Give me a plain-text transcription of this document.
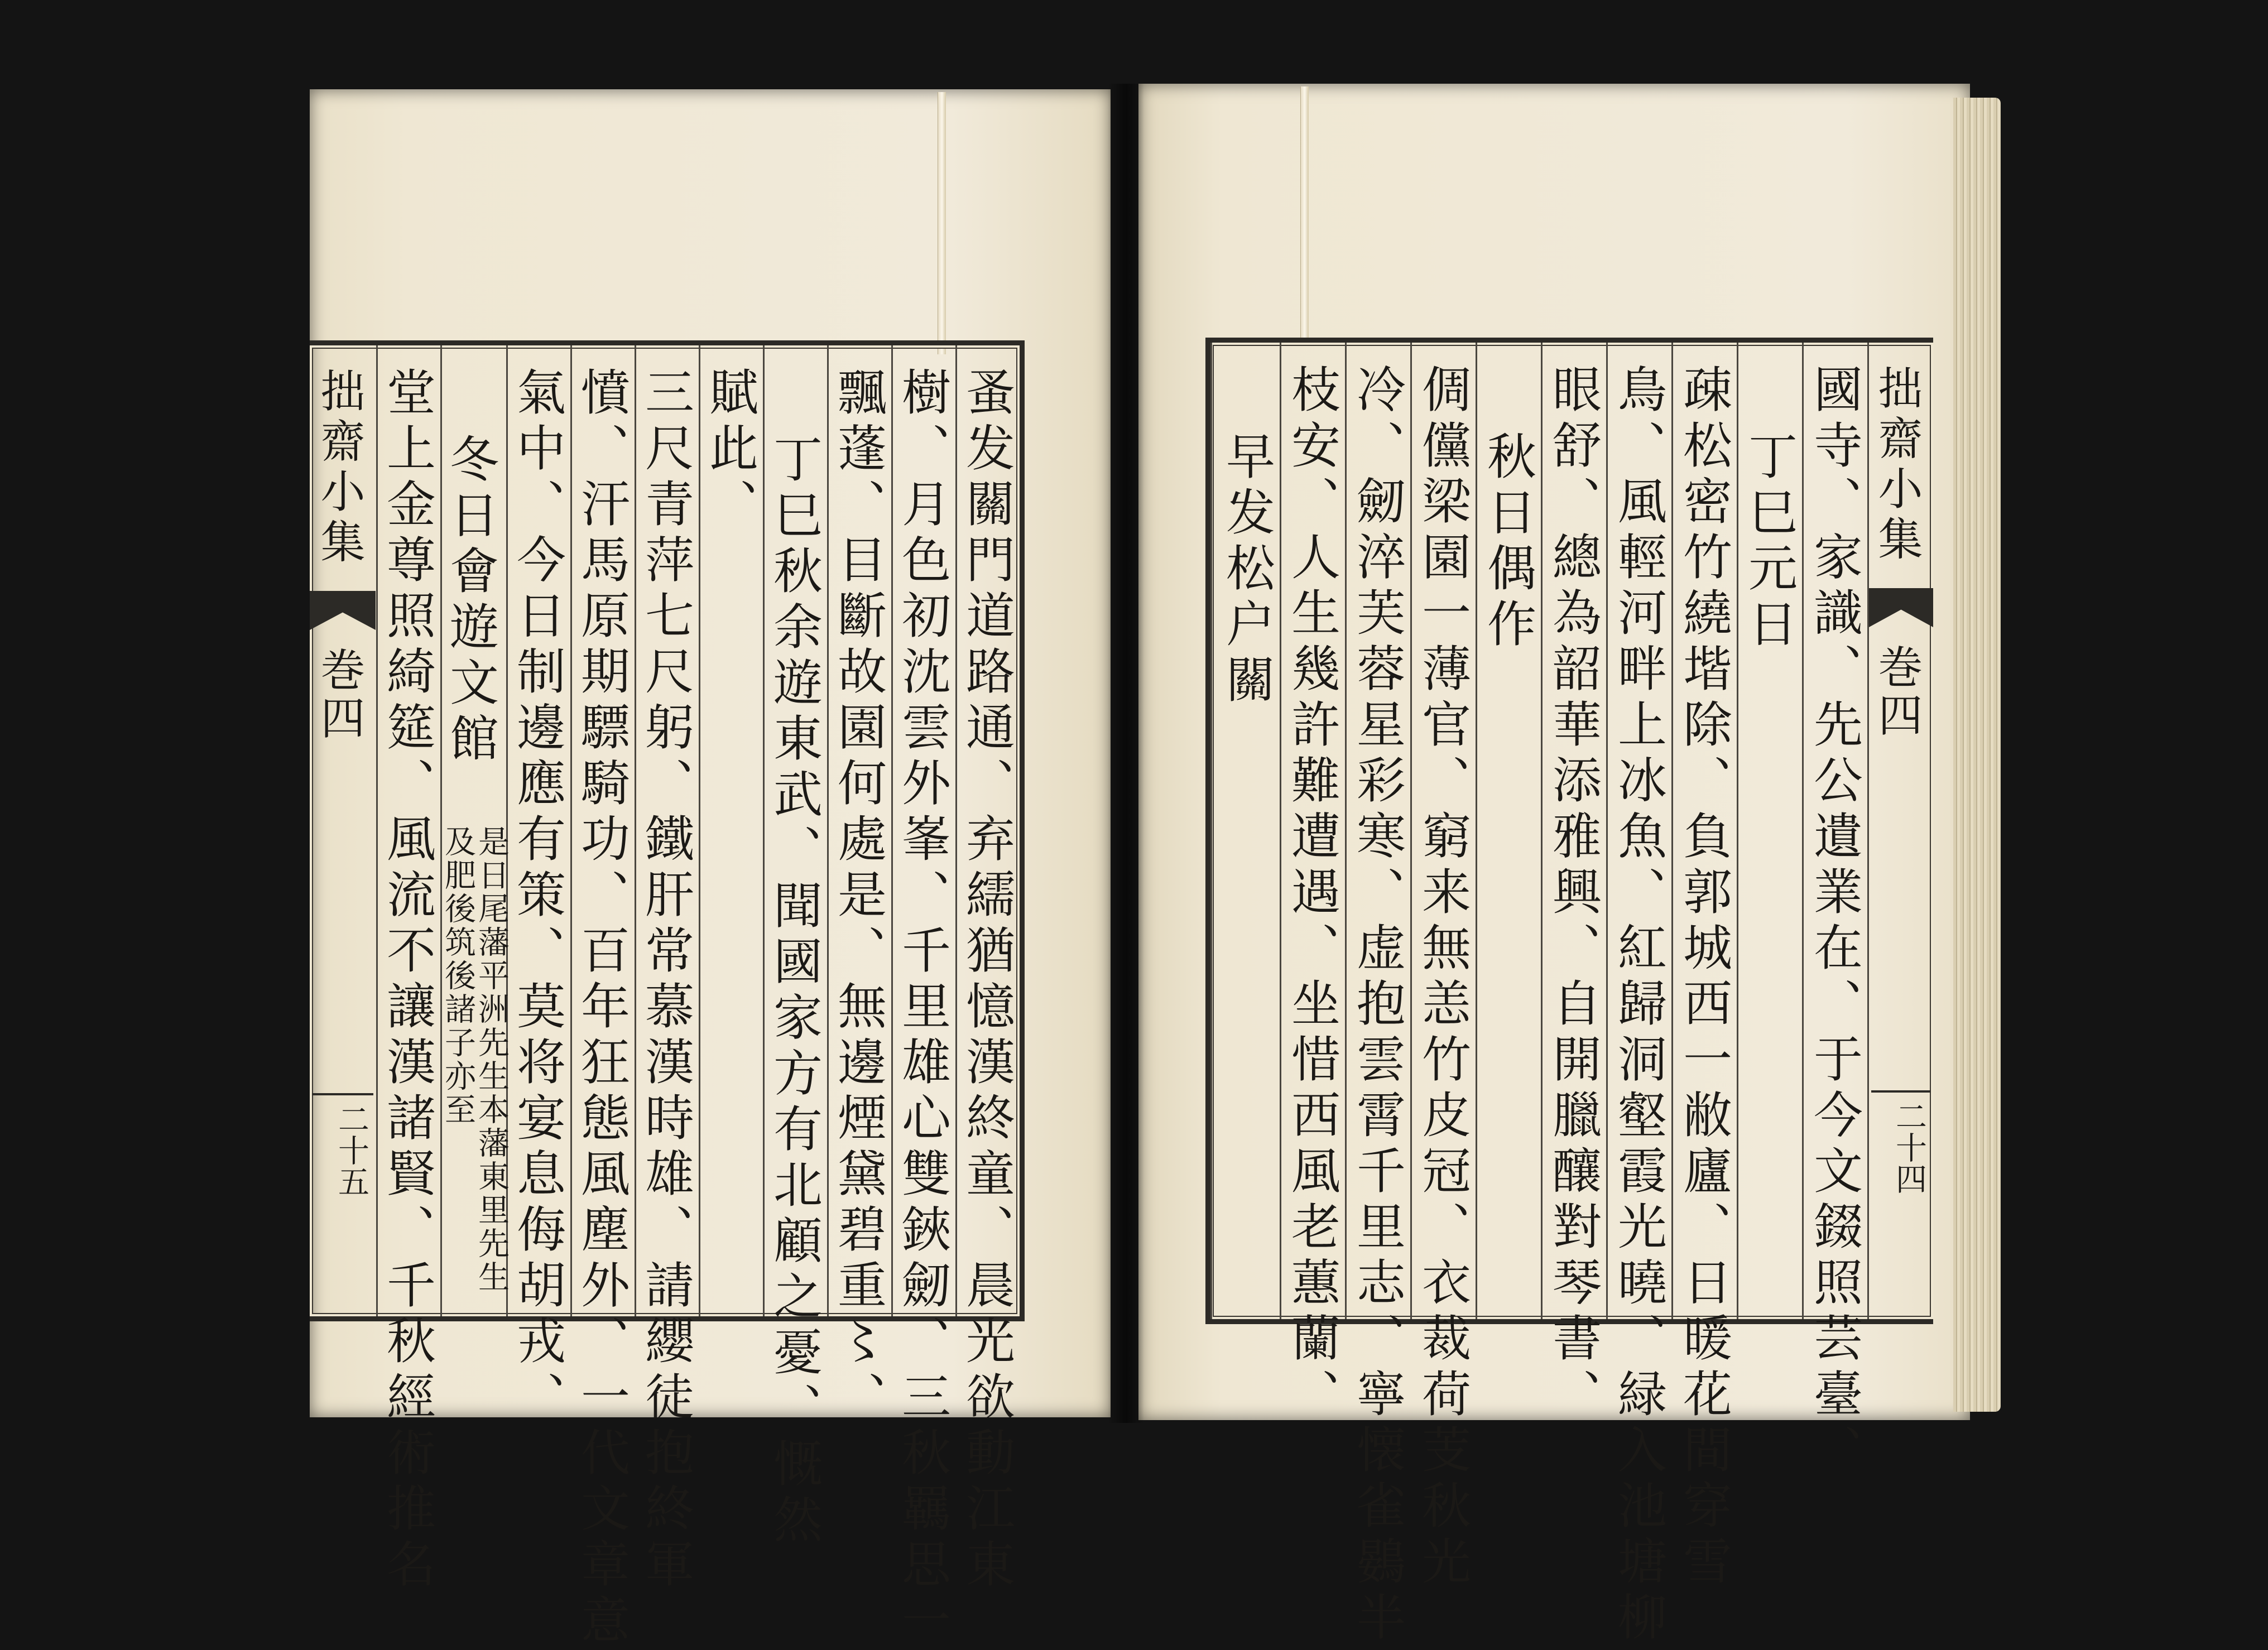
拙齋小集
巻四
二十五	蚤发關門道路通、弃繻猶憶漢終童、晨光欲動江東
樹、月色初沈雲外峯、千里雄心雙鋏劒、三秋羈思一
飄蓬、目斷故園何處是、無邊煙黛碧重〻、
丁巳秋余遊東武、聞國家方有北顧之憂、慨然
賦此、
三尺青萍七尺躬、鐵肝常慕漢時雄、請纓徒抱終軍
憤、汗馬原期驃騎功、百年狂態風塵外、一代文章意
氣中、今日制邊應有策、莫将宴息侮胡戎、
冬日會遊文館
是日尾藩平洲先生本藩東里先生及肥後筑後諸子亦至
堂上金尊照綺筵、風流不讓漢諸賢、千秋經術推名	拙齋小集
巻四
二十四
國寺、家識、先公遺業在、于今文錣照芸臺、
丁巳元日
疎松密竹繞堦除、負郭城西一敝廬、日暖花間穿雪
鳥、風輕河畔上冰魚、紅歸洞壑霞光曉、緑入池塘柳
眼舒、總為韶華添雅興、自開臘釀對琴書、
秋日偶作
倜儻梁園一薄官、窮来無恙竹皮冠、衣裁荷芰秋光
冷、劒淬芙蓉星彩寒、虚抱雲霄千里志、寧懐雀鷃半
枝安、人生幾許難遭遇、坐惜西風老蕙蘭、
早发松户關
